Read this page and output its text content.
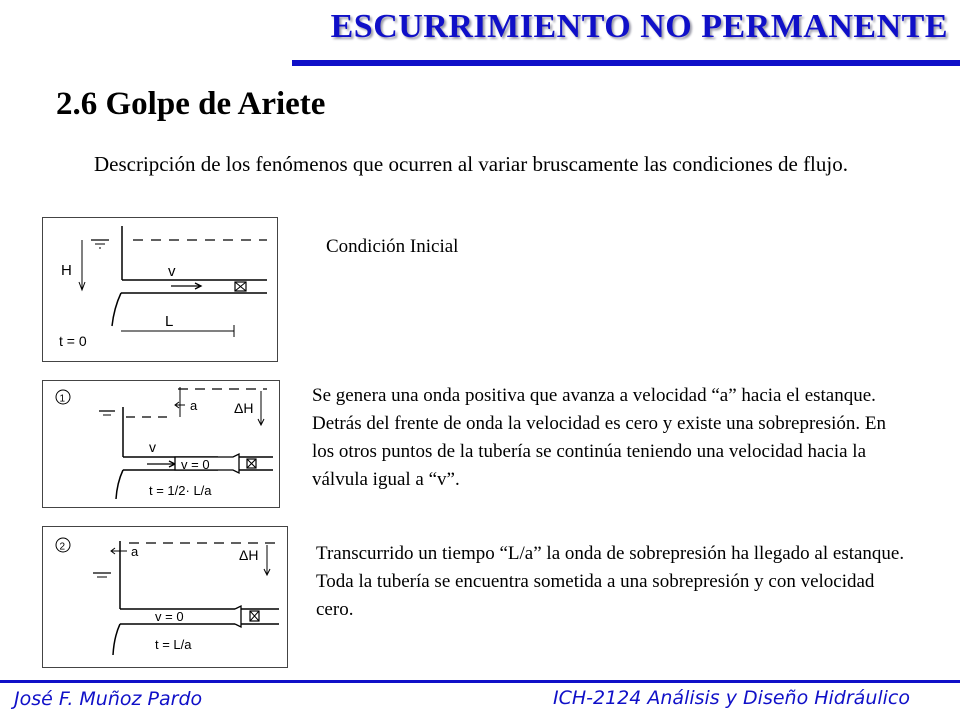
ESCURRIMIENTO NO PERMANENTE
2.6 Golpe de Ariete
Descripción de los fenómenos que ocurren al variar bruscamente las condiciones de flujo.
H	v
L
t = 0
Condición Inicial
1	a	ΔH
v
v = 0
t = 1/2· L/a
Se genera una onda positiva que avanza a velocidad “a” hacia el estanque. Detrás del frente de onda la velocidad es cero y existe una sobrepresión. En los otros puntos de la tubería se continúa teniendo una velocidad hacia la válvula igual a “v”.
2	a	ΔH
v = 0
t = L/a
Transcurrido un tiempo “L/a” la onda de sobrepresión ha llegado al estanque. Toda la tubería se encuentra sometida a una sobrepresión y con velocidad cero.
José F. Muñoz Pardo	ICH-2124 Análisis y Diseño Hidráulico
